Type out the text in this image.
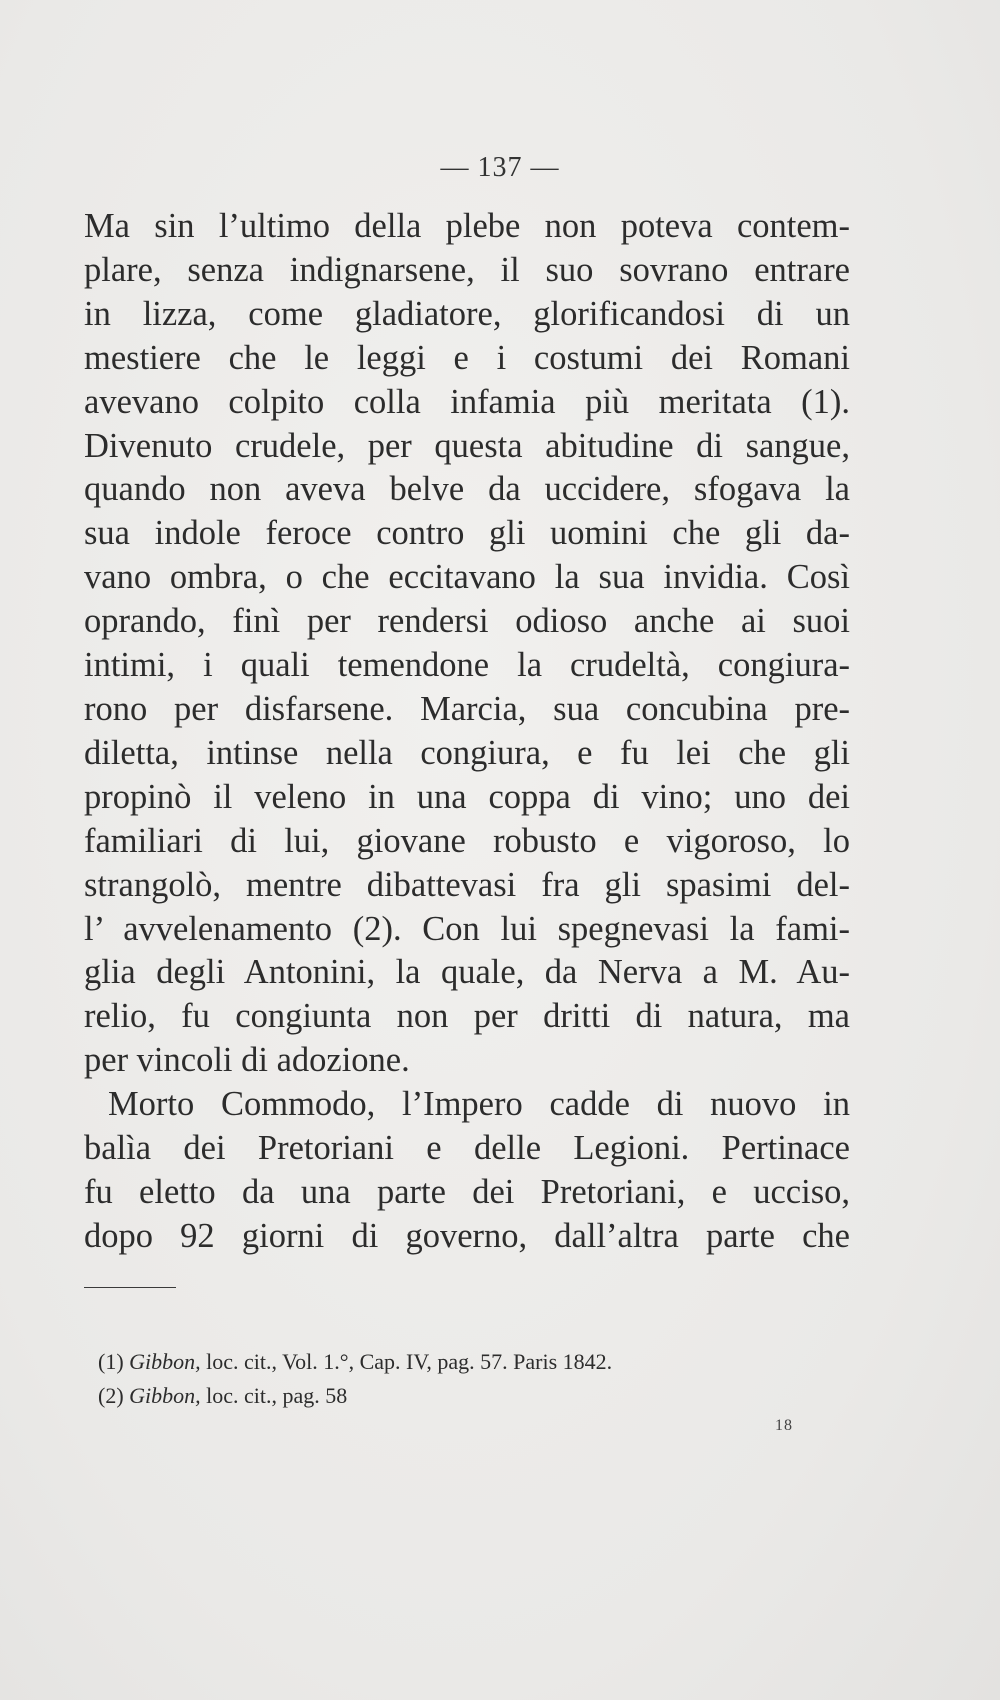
— 137 —
Ma sin l’ultimo della plebe non poteva contem-
plare, senza indignarsene, il suo sovrano entrare
in lizza, come gladiatore, glorificandosi di un
mestiere che le leggi e i costumi dei Romani
avevano colpito colla infamia più meritata (1).
Divenuto crudele, per questa abitudine di sangue,
quando non aveva belve da uccidere, sfogava la
sua indole feroce contro gli uomini che gli da-
vano ombra, o che eccitavano la sua invidia. Così
oprando, finì per rendersi odioso anche ai suoi
intimi, i quali temendone la crudeltà, congiura-
rono per disfarsene. Marcia, sua concubina pre-
diletta, intinse nella congiura, e fu lei che gli
propinò il veleno in una coppa di vino; uno dei
familiari di lui, giovane robusto e vigoroso, lo
strangolò, mentre dibattevasi fra gli spasimi del-
l’ avvelenamento (2). Con lui spegnevasi la fami-
glia degli Antonini, la quale, da Nerva a M. Au-
relio, fu congiunta non per dritti di natura, ma
per vincoli di adozione.
Morto Commodo, l’Impero cadde di nuovo in
balìa dei Pretoriani e delle Legioni. Pertinace
fu eletto da una parte dei Pretoriani, e ucciso,
dopo 92 giorni di governo, dall’altra parte che
(1) Gibbon, loc. cit., Vol. 1.°, Cap. IV, pag. 57. Paris 1842.
(2) Gibbon, loc. cit., pag. 58
18
